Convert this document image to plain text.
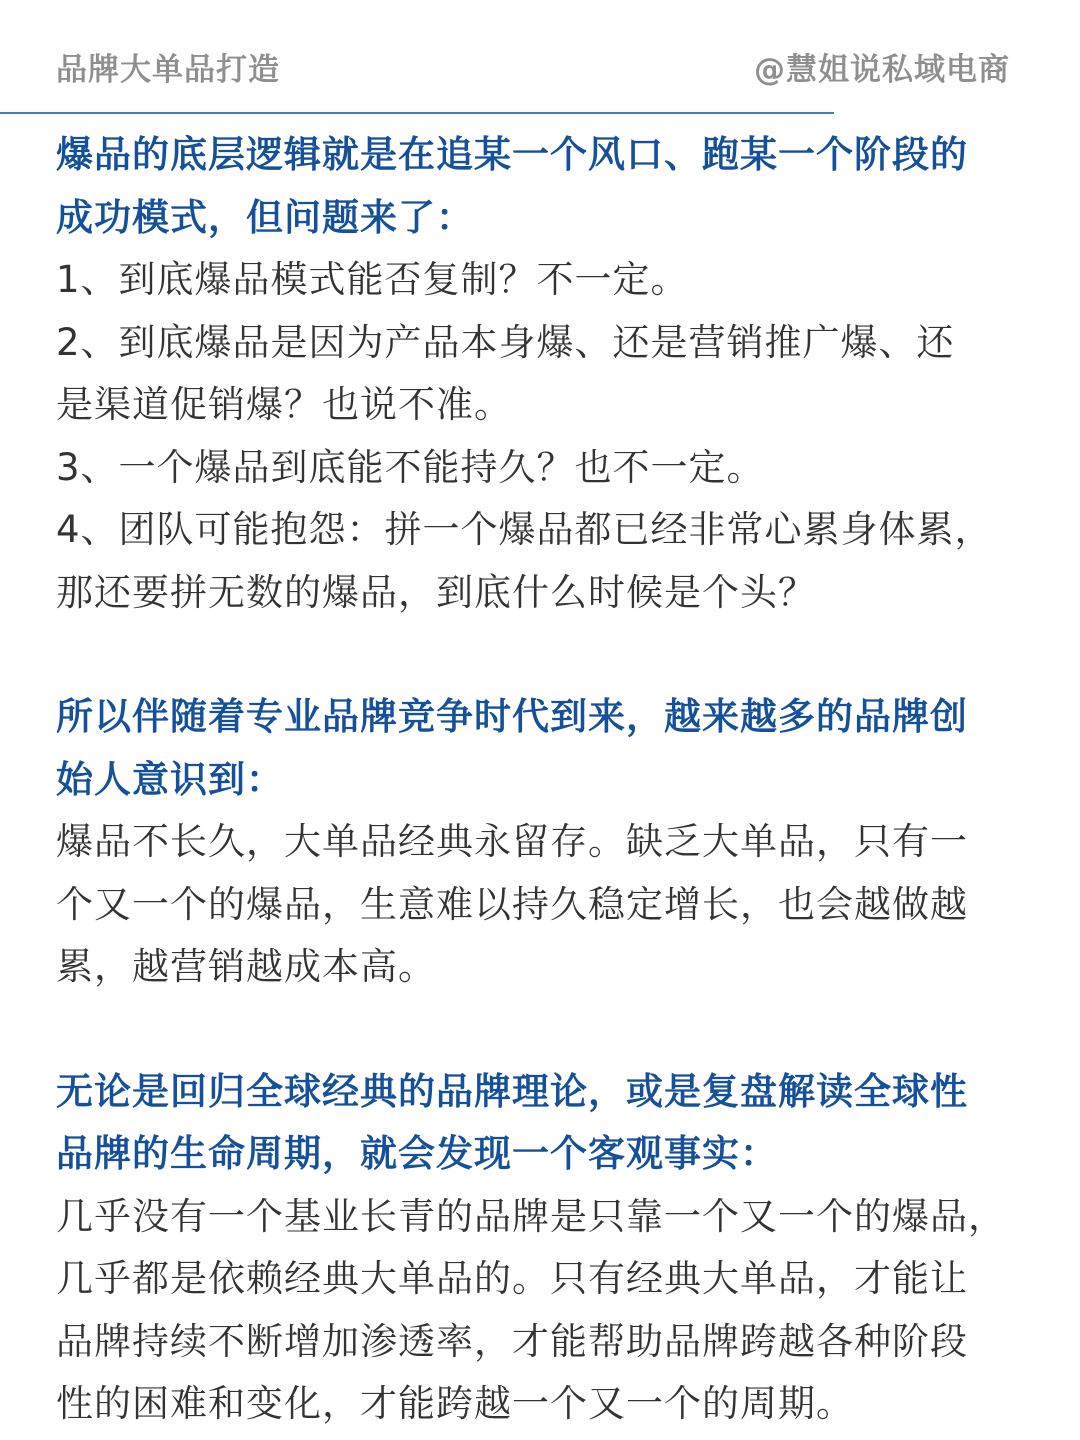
品牌大单品打造	@慧姐说私域电商
爆品的底层逻辑就是在追某一个风口、跑某一个阶段的
成功模式，但问题来了：
1、到底爆品模式能否复制？不一定。
2、到底爆品是因为产品本身爆、还是营销推广爆、还
是渠道促销爆？也说不准。
3、一个爆品到底能不能持久？也不一定。
4、团队可能抱怨：拼一个爆品都已经非常心累身体累，
那还要拼无数的爆品，到底什么时候是个头？
所以伴随着专业品牌竞争时代到来，越来越多的品牌创
始人意识到：
爆品不长久，大单品经典永留存。缺乏大单品，只有一
个又一个的爆品，生意难以持久稳定增长，也会越做越
累，越营销越成本高。
无论是回归全球经典的品牌理论，或是复盘解读全球性
品牌的生命周期，就会发现一个客观事实：
几乎没有一个基业长青的品牌是只靠一个又一个的爆品，
几乎都是依赖经典大单品的。只有经典大单品，才能让
品牌持续不断增加渗透率，才能帮助品牌跨越各种阶段
性的困难和变化，才能跨越一个又一个的周期。
